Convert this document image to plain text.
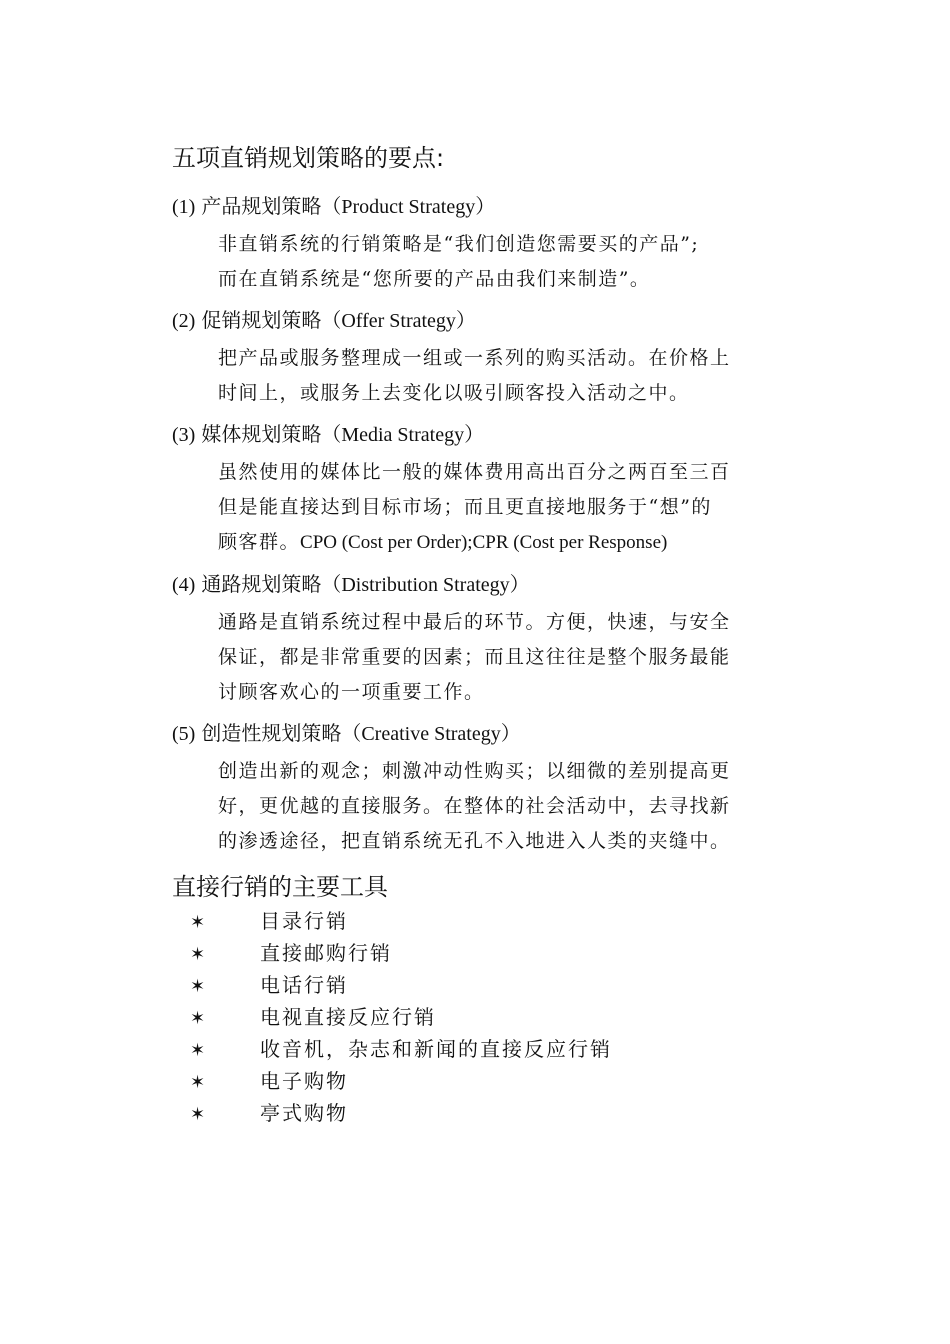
五项直销规划策略的要点:
(1) 产品规划策略（Product Strategy）
非直销系统的行销策略是“我们创造您需要买的产品”;
而在直销系统是“您所要的产品由我们来制造”。
(2) 促销规划策略（Offer Strategy）
把产品或服务整理成一组或一系列的购买活动。在价格上
时间上，或服务上去变化以吸引顾客投入活动之中。
(3) 媒体规划策略（Media Strategy）
虽然使用的媒体比一般的媒体费用高出百分之两百至三百
但是能直接达到目标市场；而且更直接地服务于“想”的
顾客群。CPO (Cost per Order);CPR (Cost per Response)
(4) 通路规划策略（Distribution Strategy）
通路是直销系统过程中最后的环节。方便，快速，与安全
保证，都是非常重要的因素；而且这往往是整个服务最能
讨顾客欢心的一项重要工作。
(5) 创造性规划策略（Creative Strategy）
创造出新的观念；刺激冲动性购买；以细微的差别提高更
好，更优越的直接服务。在整体的社会活动中，去寻找新
的渗透途径，把直销系统无孔不入地进入人类的夹缝中。
直接行销的主要工具
✶	目录行销
✶	直接邮购行销
✶	电话行销
✶	电视直接反应行销
✶	收音机，杂志和新闻的直接反应行销
✶	电子购物
✶	亭式购物
